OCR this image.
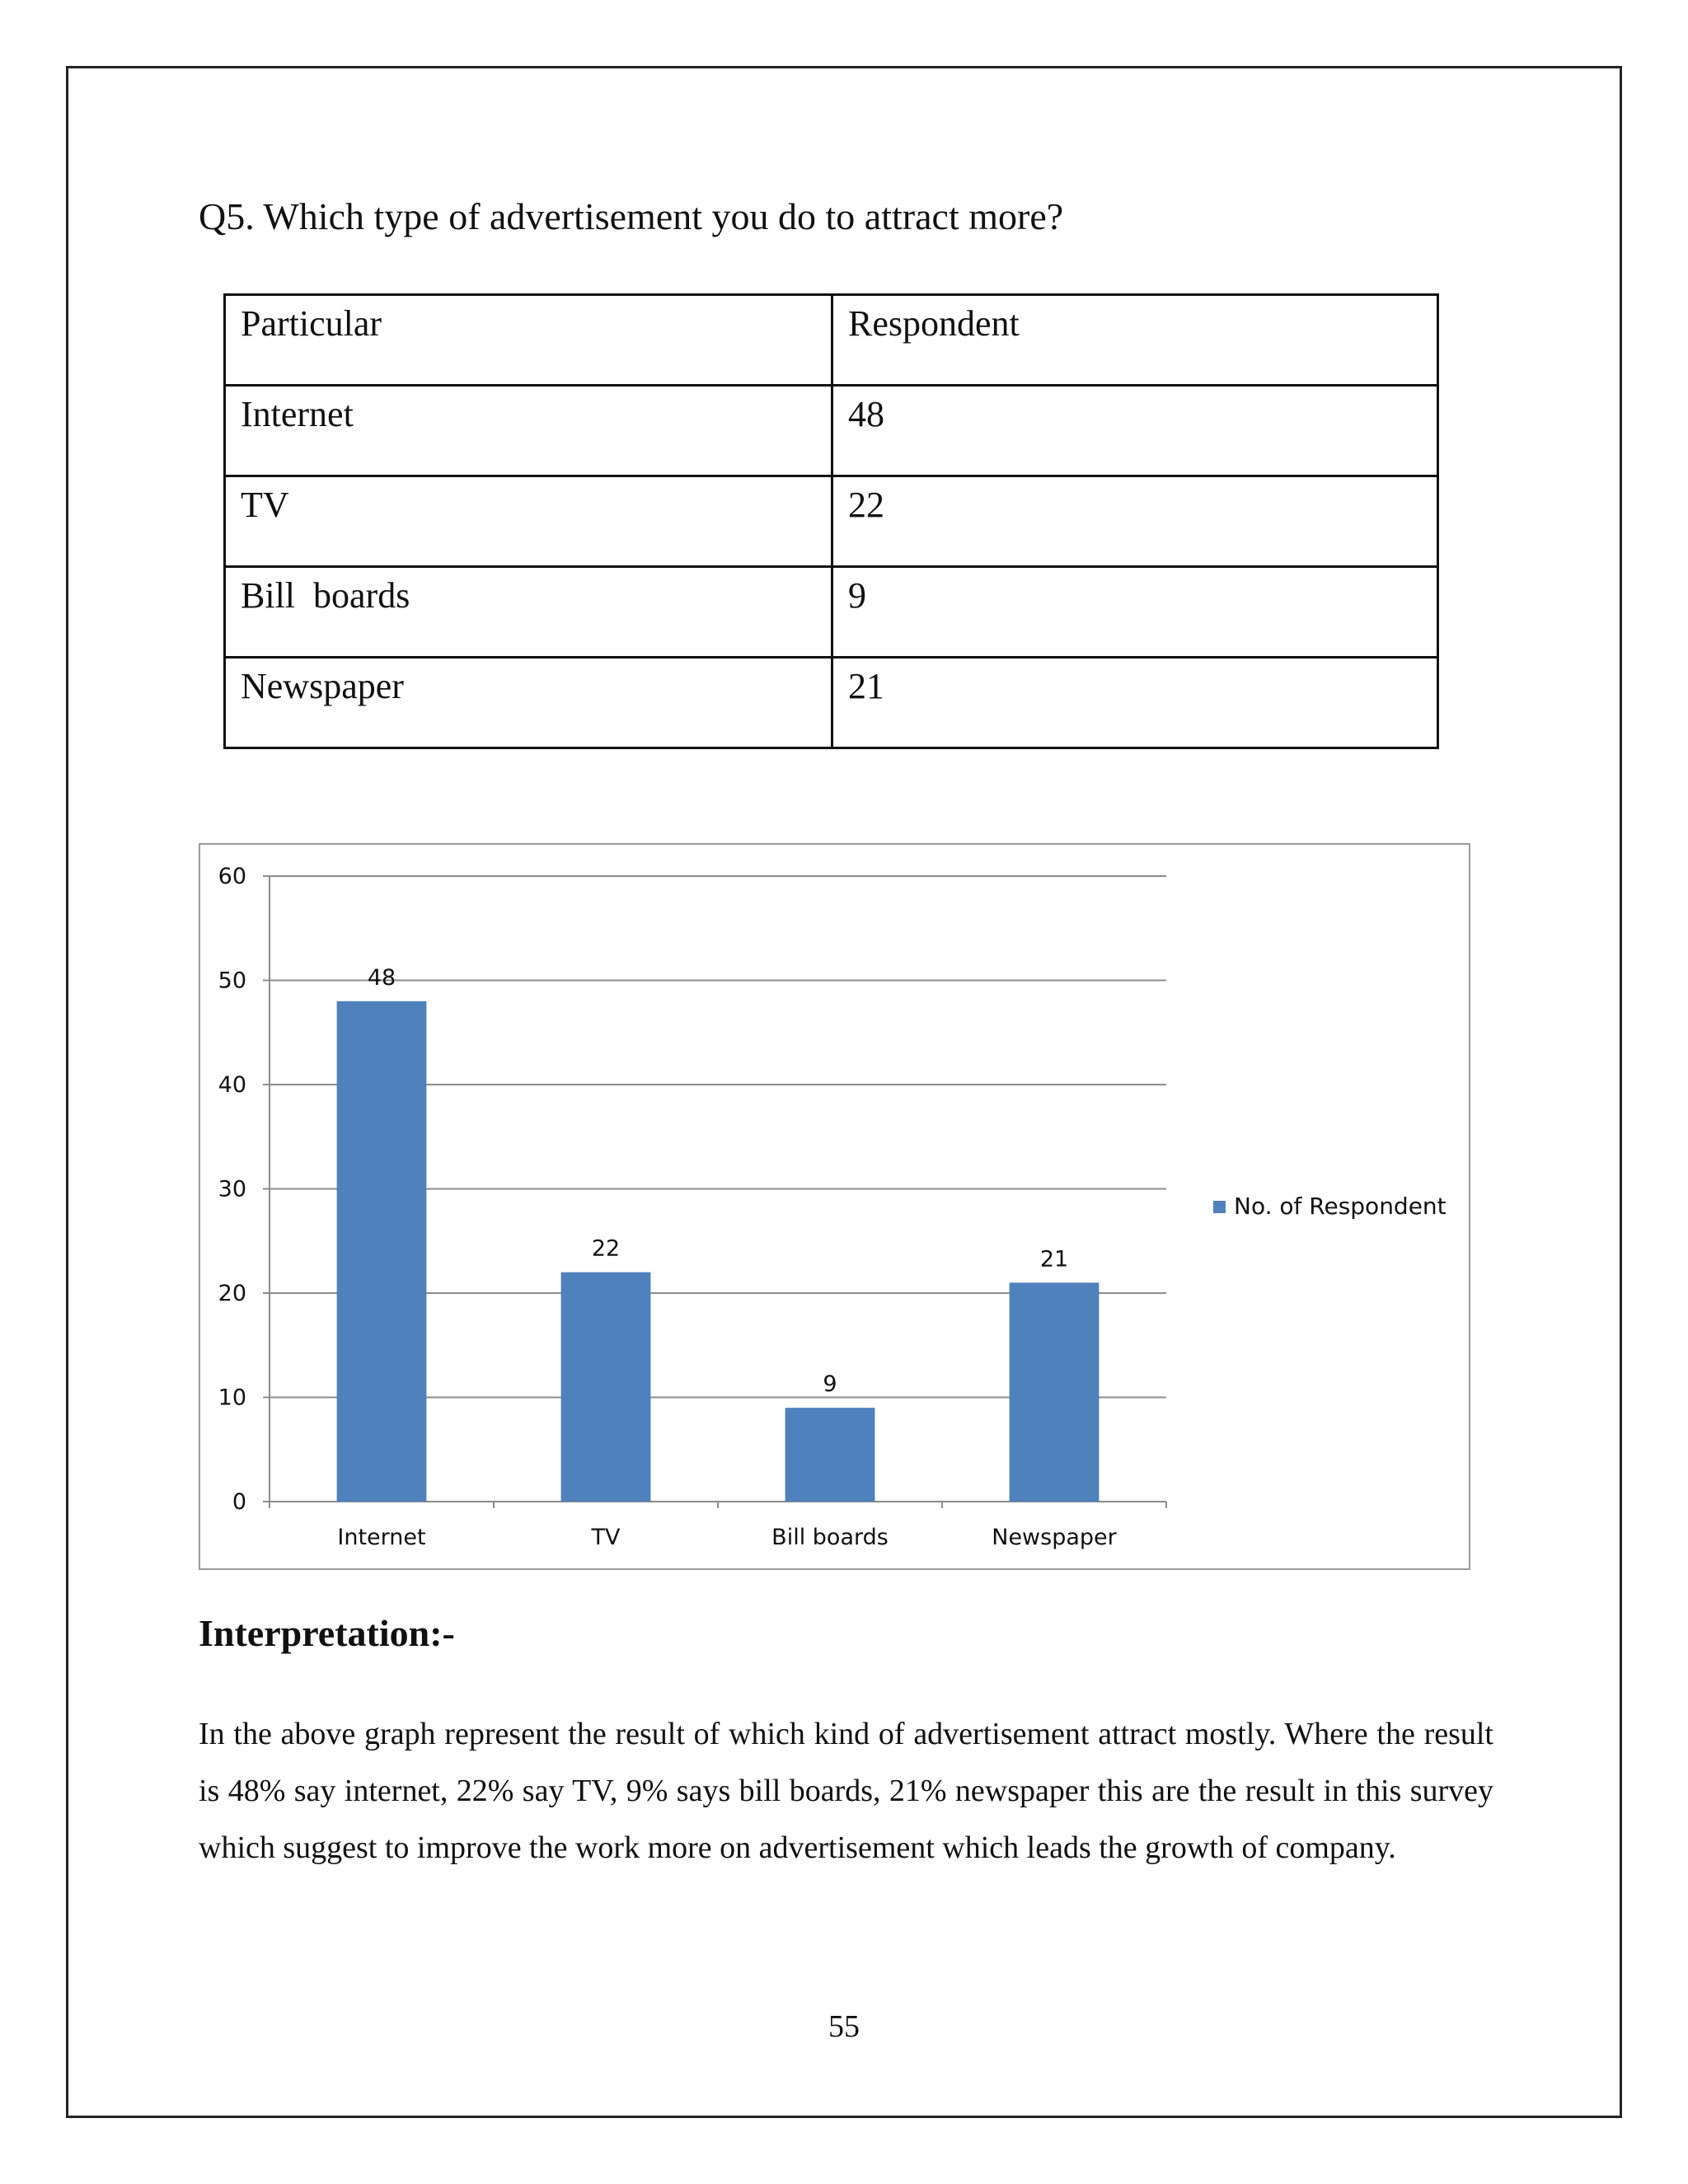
Q5. Which type of advertisement you do to attract more?
Particular	Respondent
Internet	48
TV	22
Bill  boards	9
Newspaper	21
0
10
20
30
40
50
60
48
Internet
22
TV
9
Bill boards
21
Newspaper
No. of Respondent
Interpretation:-
In the above graph represent the result of which kind of advertisement attract mostly. Where the result is 48% say internet, 22% say TV, 9% says bill boards, 21% newspaper this are the result in this survey which suggest to improve the work more on advertisement which leads the growth of company.
55
